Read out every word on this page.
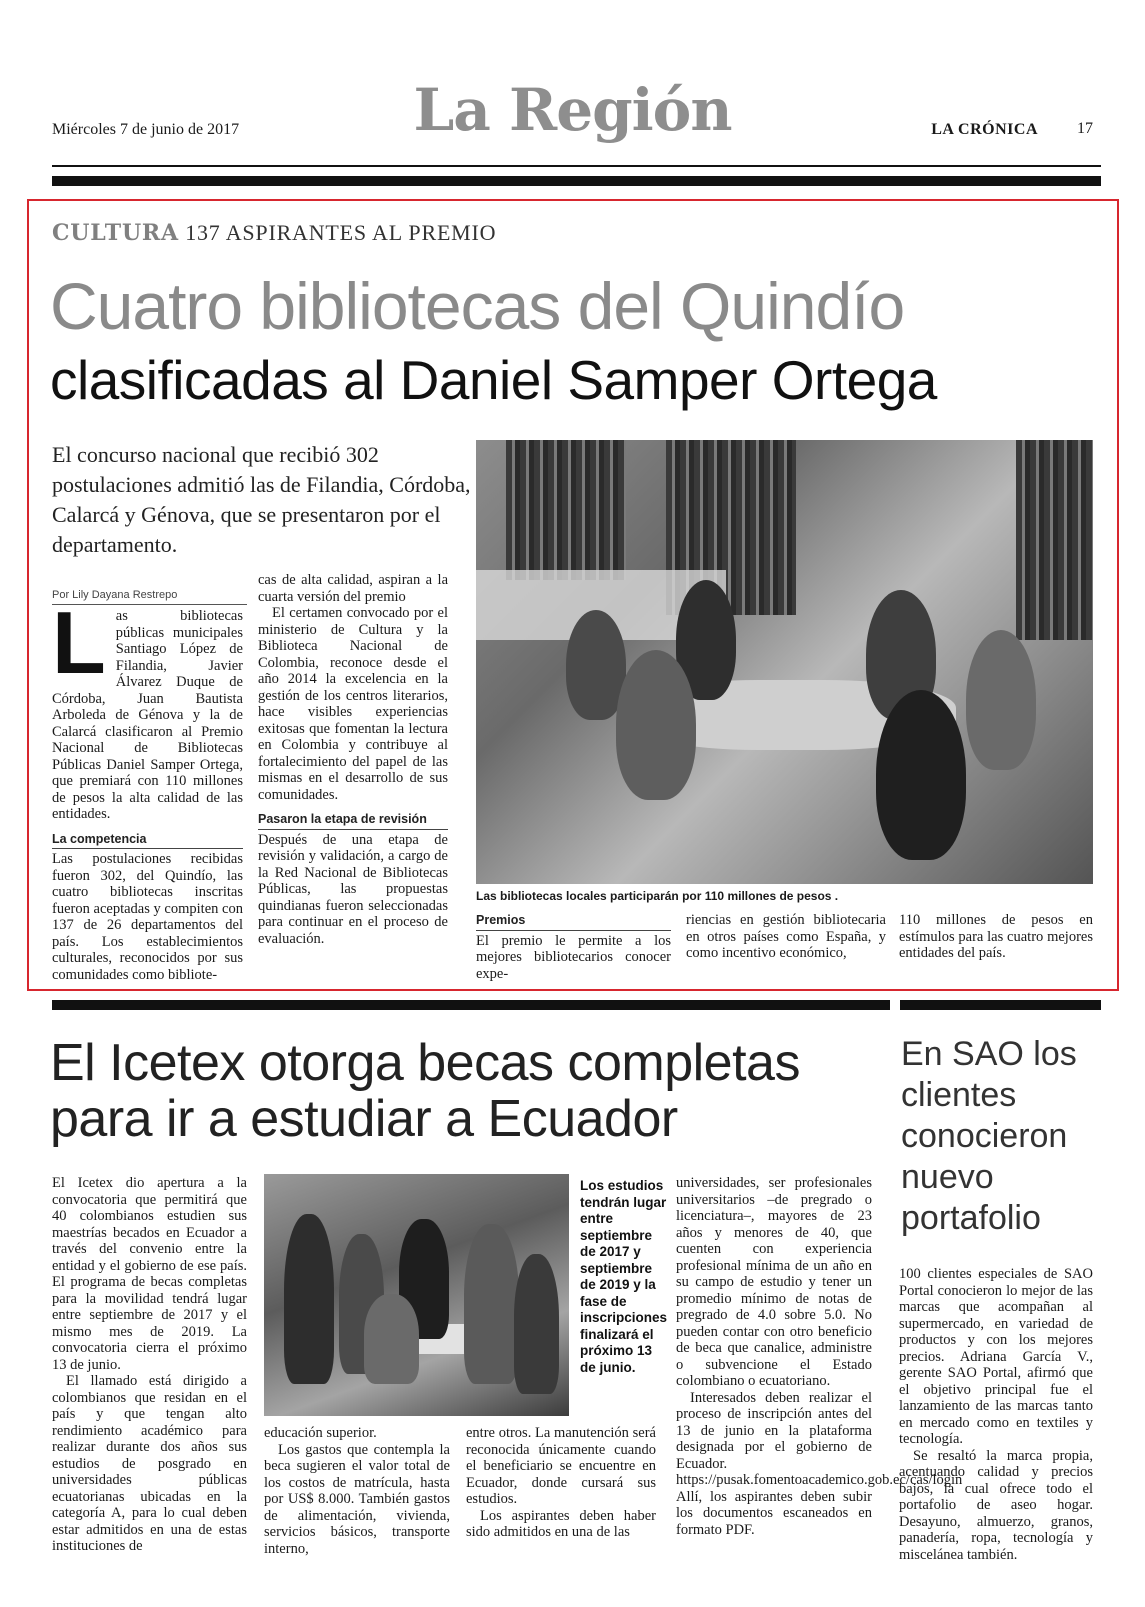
Miércoles 7 de junio de 2017	La Región	LA CRÓNICA 17
CULTURA 137 ASPIRANTES AL PREMIO
Cuatro bibliotecas del Quindío
clasificadas al Daniel Samper Ortega
El concurso nacional que recibió 302 postulaciones admitió las de Filandia, Córdoba, Calarcá y Génova, que se presentaron por el departamento.
Por Lily Dayana Restrepo

Las bibliotecas públicas municipales Santiago López de Filandia, Javier Álvarez Duque de Córdoba, Juan Bautista Arboleda de Génova y la de Calarcá clasificaron al Premio Nacional de Bibliotecas Públicas Daniel Samper Ortega, que premiará con 110 millones de pesos la alta calidad de las entidades.

La competencia

Las postulaciones recibidas fueron 302, del Quindío, las cuatro bibliotecas inscritas fueron aceptadas y compiten con 137 de 26 departamentos del país. Los establecimientos culturales, reconocidos por sus comunidades como bibliote-

cas de alta calidad, aspiran a la cuarta versión del premio

El certamen convocado por el ministerio de Cultura y la Biblioteca Nacional de Colombia, reconoce desde el año 2014 la excelencia en la gestión de los centros literarios, hace visibles experiencias exitosas que fomentan la lectura en Colombia y contribuye al fortalecimiento del papel de las mismas en el desarrollo de sus comunidades.

Pasaron la etapa de revisión

Después de una etapa de revisión y validación, a cargo de la Red Nacional de Bibliotecas Públicas, las propuestas quindianas fueron seleccionadas para continuar en el proceso de evaluación.

Las bibliotecas locales participarán por 110 millones de pesos .
Premios

El premio le permite a los mejores bibliotecarios conocer expe-

riencias en gestión bibliotecaria en otros países como España, y como incentivo económico,

110 millones de pesos en estímulos para las cuatro mejores entidades del país.

El Icetex otorga becas completas para ir a estudiar a Ecuador
En SAO los clientes conocieron nuevo portafolio

El Icetex dio apertura a la convocatoria que permitirá que 40 colombianos estudien sus maestrías becados en Ecuador a través del convenio entre la entidad y el gobierno de ese país. El programa de becas completas para la movilidad tendrá lugar entre septiembre de 2017 y el mismo mes de 2019. La convocatoria cierra el próximo 13 de junio.

El llamado está dirigido a colombianos que residan en el país y que tengan alto rendimiento académico para realizar durante dos años sus estudios de posgrado en universidades públicas ecuatorianas ubicadas en la categoría A, para lo cual deben estar admitidos en una de estas instituciones de

Los estudios tendrán lugar entre septiembre de 2017 y septiembre de 2019 y la fase de inscripciones finalizará el próximo 13 de junio.

educación superior.

Los gastos que contempla la beca sugieren el valor total de los costos de matrícula, hasta por US$ 8.000. También gastos de alimentación, vivienda, servicios básicos, transporte interno,

entre otros. La manutención será reconocida únicamente cuando el beneficiario se encuentre en Ecuador, donde cursará sus estudios.

Los aspirantes deben haber sido admitidos en una de las

universidades, ser profesionales universitarios –de pregrado o licenciatura–, mayores de 23 años y menores de 40, que cuenten con experiencia profesional mínima de un año en su campo de estudio y tener un promedio mínimo de notas de pregrado de 4.0 sobre 5.0. No pueden contar con otro beneficio de beca que canalice, administre o subvencione el Estado colombiano o ecuatoriano.

Interesados deben realizar el proceso de inscripción antes del 13 de junio en la plataforma designada por el gobierno de Ecuador. https://pusak.fomentoacademico.gob.ec/cas/login Allí, los aspirantes deben subir los documentos escaneados en formato PDF.

100 clientes especiales de SAO Portal conocieron lo mejor de las marcas que acompañan al supermercado, en variedad de productos y con los mejores precios. Adriana García V., gerente SAO Portal, afirmó que el objetivo principal fue el lanzamiento de las marcas tanto en mercado como en textiles y tecnología.

Se resaltó la marca propia, acentuando calidad y precios bajos, la cual ofrece todo el portafolio de aseo hogar. Desayuno, almuerzo, granos, panadería, ropa, tecnología y miscelánea también.
